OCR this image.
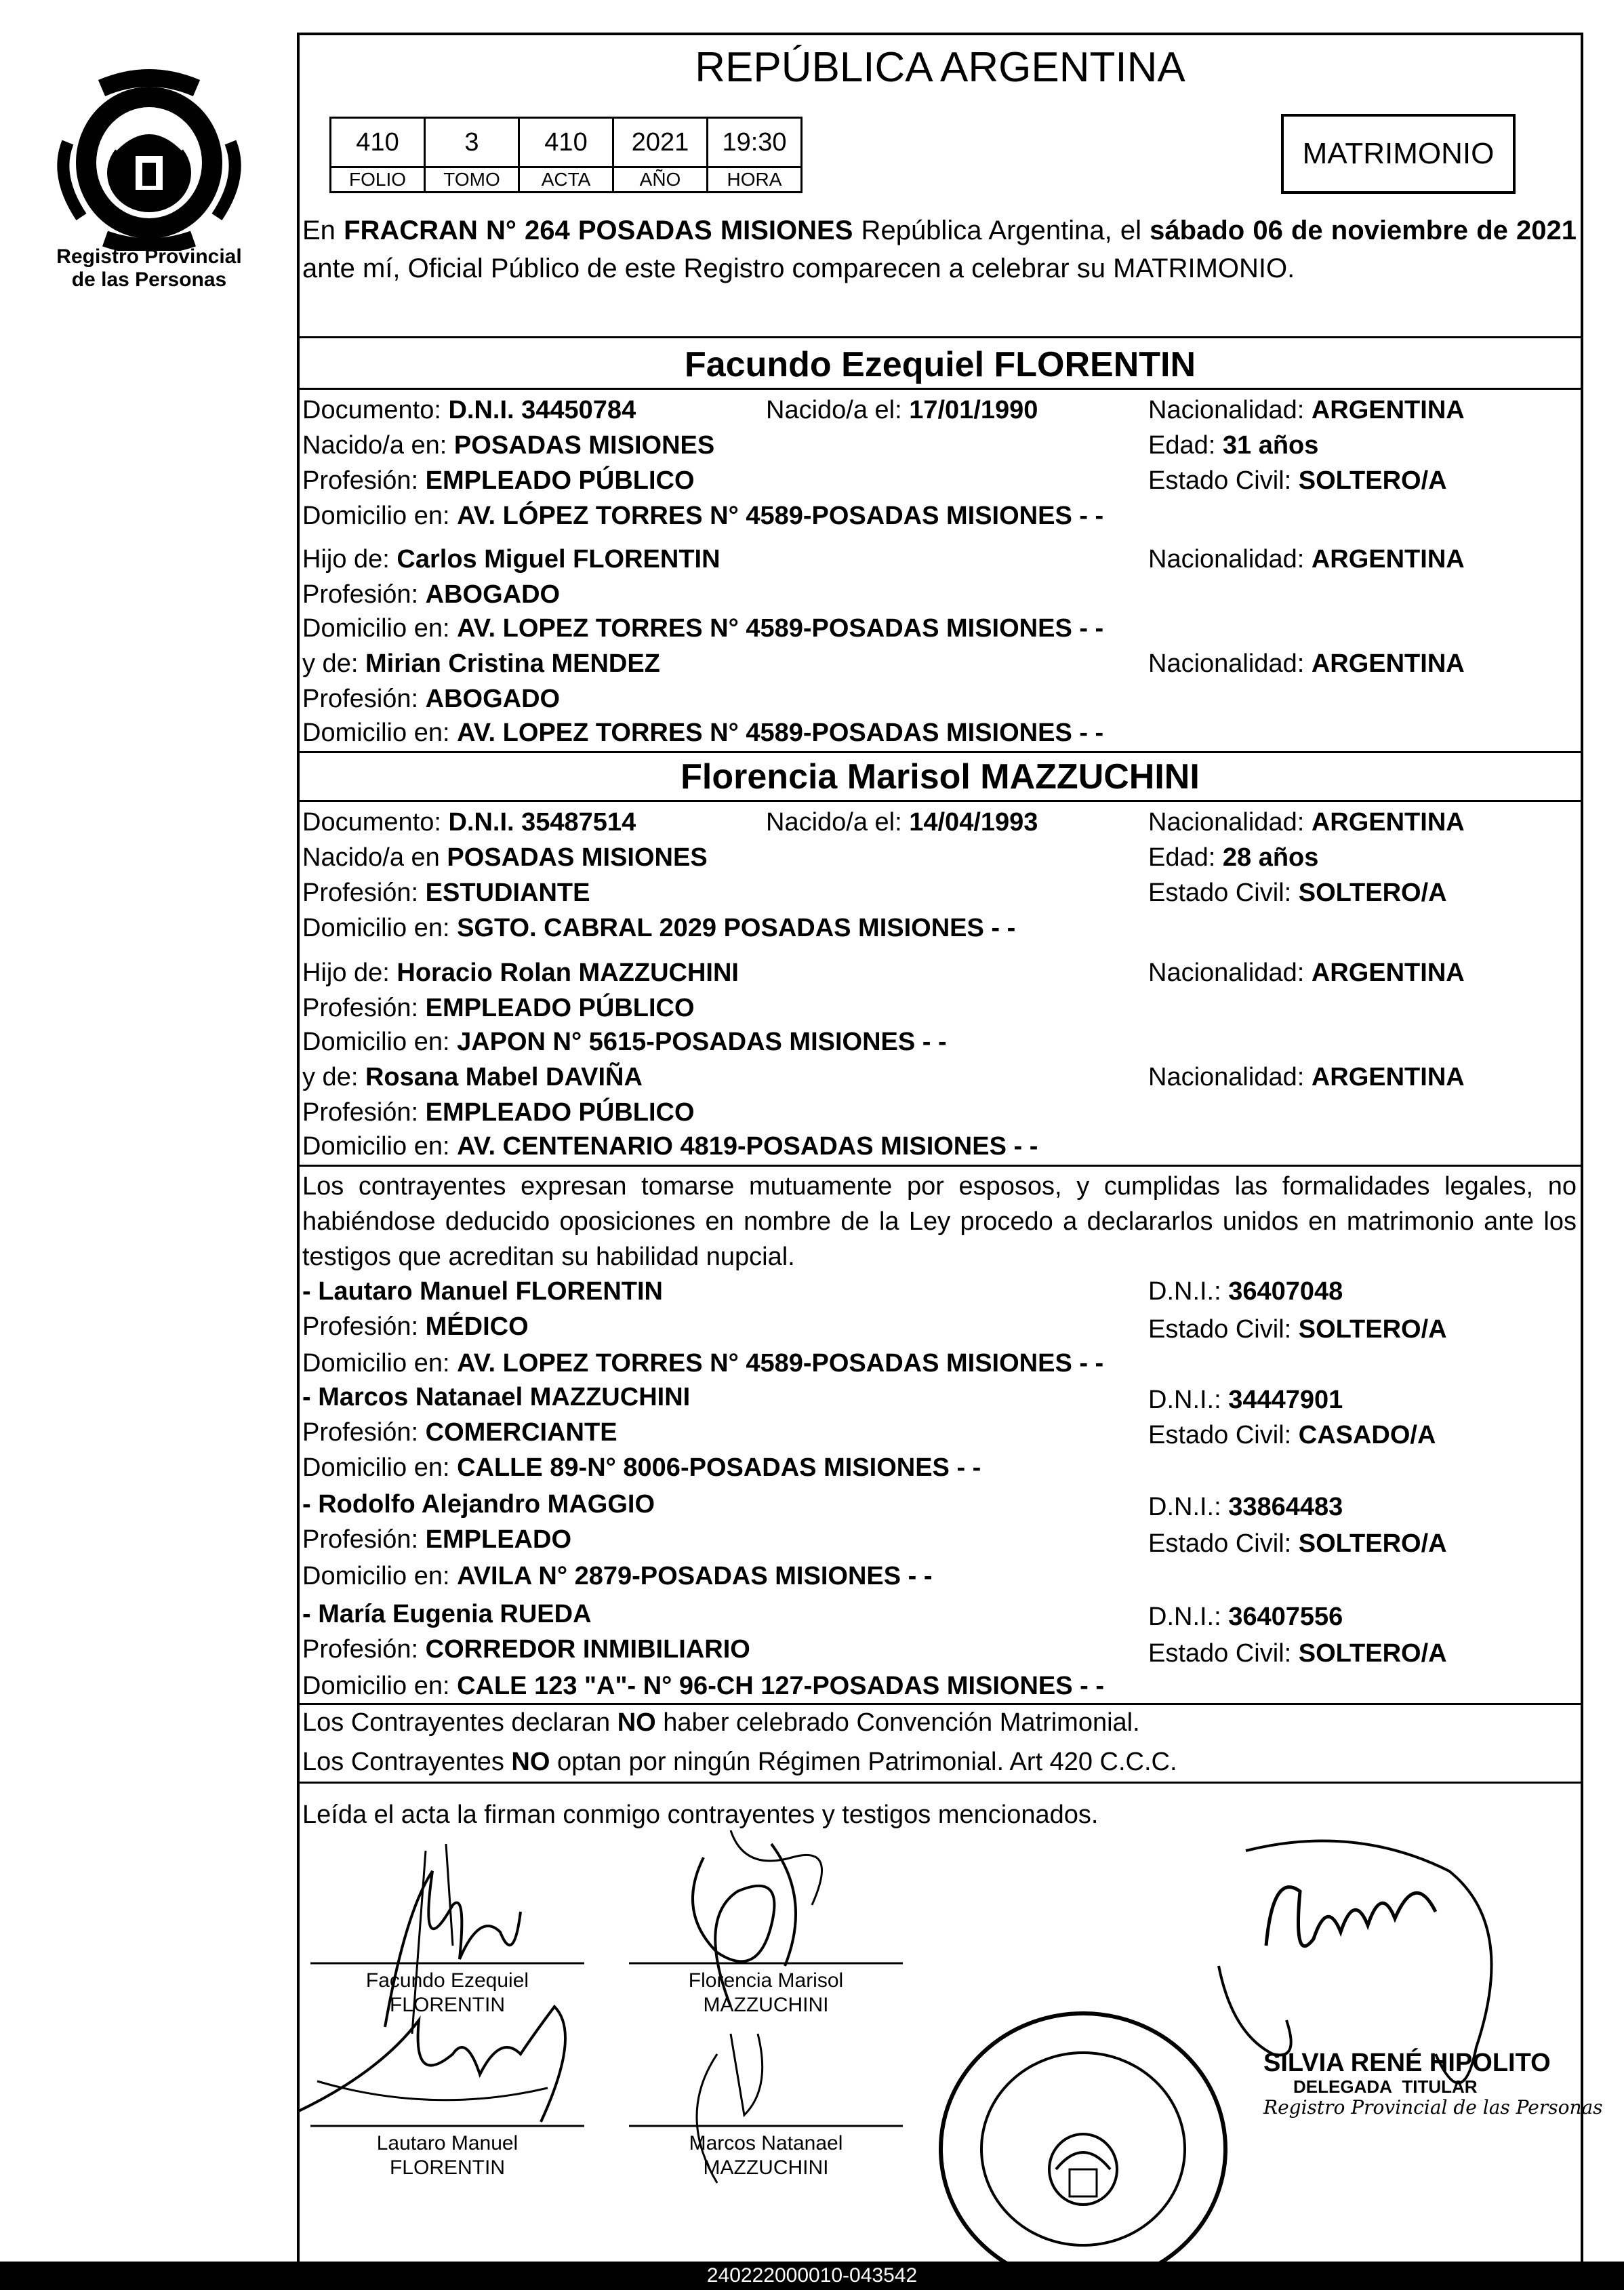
Registro Provincial
de las Personas
REPÚBLICA ARGENTINA
410	3	410	2021	19:30
FOLIO	TOMO	ACTA	AÑO	HORA
MATRIMONIO
En FRACRAN N° 264 POSADAS MISIONES República Argentina, el sábado 06 de noviembre de 2021 ante mí, Oficial Público de este Registro comparecen a celebrar su MATRIMONIO.
Facundo Ezequiel FLORENTIN
Documento: D.N.I. 34450784	Nacido/a el: 17/01/1990	Nacionalidad: ARGENTINA
Nacido/a en: POSADAS MISIONES	Edad: 31 años
Profesión: EMPLEADO PÚBLICO	Estado Civil: SOLTERO/A
Domicilio en: AV. LÓPEZ TORRES N° 4589-POSADAS MISIONES - -
Hijo de: Carlos Miguel FLORENTIN	Nacionalidad: ARGENTINA
Profesión: ABOGADO
Domicilio en: AV. LOPEZ TORRES N° 4589-POSADAS MISIONES - -
y de: Mirian Cristina MENDEZ	Nacionalidad: ARGENTINA
Profesión: ABOGADO
Domicilio en: AV. LOPEZ TORRES N° 4589-POSADAS MISIONES - -
Florencia Marisol MAZZUCHINI
Documento: D.N.I. 35487514	Nacido/a el: 14/04/1993	Nacionalidad: ARGENTINA
Nacido/a en POSADAS MISIONES	Edad: 28 años
Profesión: ESTUDIANTE	Estado Civil: SOLTERO/A
Domicilio en: SGTO. CABRAL 2029 POSADAS MISIONES - -
Hijo de: Horacio Rolan MAZZUCHINI	Nacionalidad: ARGENTINA
Profesión: EMPLEADO PÚBLICO
Domicilio en: JAPON N° 5615-POSADAS MISIONES - -
y de: Rosana Mabel DAVIÑA	Nacionalidad: ARGENTINA
Profesión: EMPLEADO PÚBLICO
Domicilio en: AV. CENTENARIO 4819-POSADAS MISIONES - -
Los contrayentes expresan tomarse mutuamente por esposos, y cumplidas las formalidades legales, no habiéndose deducido oposiciones en nombre de la Ley procedo a declararlos unidos en matrimonio ante los testigos que acreditan su habilidad nupcial.
- Lautaro Manuel FLORENTIN	D.N.I.: 36407048
Profesión: MÉDICO	Estado Civil: SOLTERO/A
Domicilio en: AV. LOPEZ TORRES N° 4589-POSADAS MISIONES - -
- Marcos Natanael MAZZUCHINI	D.N.I.: 34447901
Profesión: COMERCIANTE	Estado Civil: CASADO/A
Domicilio en: CALLE 89-N° 8006-POSADAS MISIONES - -
- Rodolfo Alejandro MAGGIO	D.N.I.: 33864483
Profesión: EMPLEADO	Estado Civil: SOLTERO/A
Domicilio en: AVILA N° 2879-POSADAS MISIONES - -
- María Eugenia RUEDA	D.N.I.: 36407556
Profesión: CORREDOR INMIBILIARIO	Estado Civil: SOLTERO/A
Domicilio en: CALE 123 "A"- N° 96-CH 127-POSADAS MISIONES - -
Los Contrayentes declaran NO haber celebrado Convención Matrimonial.
Los Contrayentes NO optan por ningún Régimen Patrimonial. Art 420 C.C.C.
Leída el acta la firman conmigo contrayentes y testigos mencionados.
Facundo Ezequiel
FLORENTIN
Florencia Marisol
MAZZUCHINI
Lautaro Manuel
FLORENTIN
Marcos Natanael
MAZZUCHINI
SILVIA RENÉ HIPOLITO
DELEGADA TITULAR
Registro Provincial de las Personas
240222000010-043542
